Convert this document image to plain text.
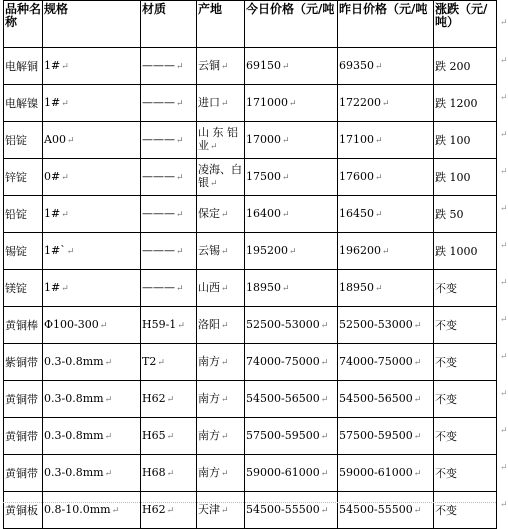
品种名称	规格	材质	产地	今日价格（元/吨	昨日价格（元/吨	涨跌（元/吨）
电解铜	1#↵	———↵	云铜↵	69150↵	69350↵	跌 200
电解镍	1#↵	———↵	进口↵	171000↵	172200↵	跌 1200
铝锭	A00↵	———↵	山 东 铝业↵	17000↵	17100↵	跌 100
锌锭	0#↵	———↵	凌海、白银↵	17500↵	17600↵	跌 100
铅锭	1#↵	———↵	保定↵	16400↵	16450↵	跌 50
锡锭	1#`↵	———↵	云锡↵	195200↵	196200↵	跌 1000
镁锭	1#↵	———↵	山西↵	18950↵	18950↵	不变
黄铜棒	Φ100-300↵	H59-1↵	洛阳↵	52500-53000↵	52500-53000↵	不变
紫铜带	0.3-0.8mm↵	T2↵	南方↵	74000-75000↵	74000-75000↵	不变
黄铜带	0.3-0.8mm↵	H62↵	南方↵	54500-56500↵	54500-56500↵	不变
黄铜带	0.3-0.8mm↵	H65↵	南方↵	57500-59500↵	57500-59500↵	不变
黄铜带	0.3-0.8mm↵	H68↵	南方↵	59000-61000↵	59000-61000↵	不变
黄铜板	0.8-10.0mm↵	H62↵	天津↵	54500-55500↵	54500-55500↵	不变
↵
↵
↵
↵
↵
↵
↵
↵
↵
↵
↵
↵
↵
↵
